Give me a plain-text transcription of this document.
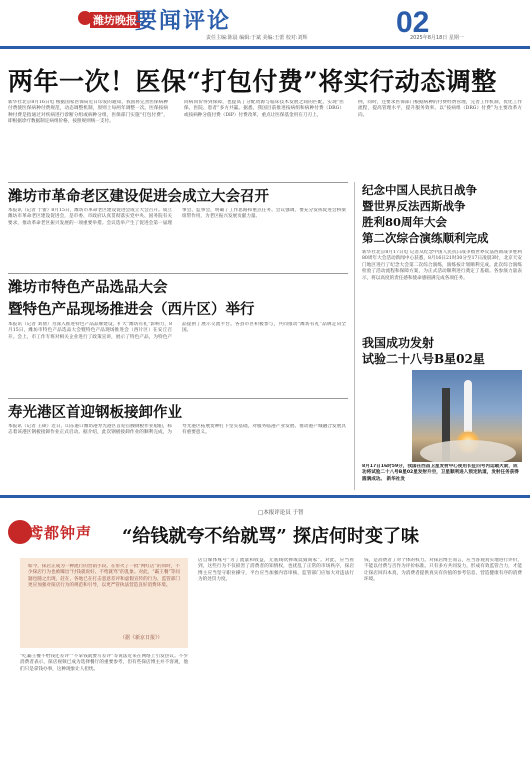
潍坊晚报
要闻评论	02
责任主编:陈晨 编辑:于斌 美编:王蕾 校对:刘辉	2025年8月18日 星期一
两年一次！医保“打包付费”将实行动态调整
新华社北京8月16日电 根据国家医保局近日印发的通知，我国将完善医保病种付费使医保病种付费规范，动态调整机制，原则上每两年调整一次。医保按病种付费是指通过对疾病进行诊断分组或病种分组，医保部门实施“打包付费”，即根据诊疗数据制定病组价格，按照规则统一支付。
同病同价得到保障，也提高了分配资源与临床技术发展之间的匹配，实现“医保、医院、患者”多方共赢。据悉，我国目前推进按病组和病种付费（DRG）或按病种分值付费（DIP）付费改革，重点让医保基金用在刀刃上。
例，同时，还要求医保部门根据病种的付费经费管理，完善工作机制，优化工作流程，提高管理水平，提升服务效率。以“按病组（DRG）付费”为主要改革方向。
潍坊市革命老区建设促进会成立大会召开
本报讯（记者 于蕾）8月15日，潍坊市革命老区建设促进会成立大会召开。成立潍坊市革命老区建设促进会，是市委、市政府认真贯彻落实党中央、国务院有关要求，推动革命老区振兴发展的一项重要举措。会议选举产生了促进会第一届理事会、监事会，明确了工作思路和重点任务。会议强调，要充分发挥促进会桥梁纽带作用，为老区振兴发展贡献力量。
潍坊市特色产品选品大会
暨特色产品现场推进会（西片区）举行
本报讯（记者 刘倩）为深入推进特色产品品牌建设，扩大“潍坊有礼”影响力，8月15日，潍坊市特色产品选品大会暨特色产品现场推进会（西片区）在安丘召开。会上，市工作专班对相关企业进行了政策宣讲，展示了特色产品，为特色产品提供了展示交流平台。各县市区积极参与，共同推动“潍坊有礼”品牌走向全国。
寿光港区首迎钢板接卸作业
本报讯（记者 王硕）近日，山东港口潍坊港寿光港区首迎首艘钢板作业船舶，标志着该港区钢板接卸作业正式启动。据介绍，此次钢板接卸作业的顺利完成，为寿光港区拓展货种打下坚实基础，对服务临港产业发展、推动港产城融合发展具有重要意义。
纪念中国人民抗日战争
暨世界反法西斯战争
胜利80周年大会
第二次综合演练顺利完成
新华社北京8月17日电 记者从纪念中国人民抗日战争暨世界反法西斯战争胜利80周年大会活动新闻中心获悉，8月16日21时30分至17日凌晨3时，北京天安门地区进行了纪念大会第二次综合演练，演练按计划顺利完成。此次综合演练检验了活动流程和保障方案，为正式活动顺利进行奠定了基础。各参演力量表示，将以高度的责任感和使命感圆满完成各项任务。
我国成功发射
试验二十八号B星02星
8月17日16时59分，我国在西昌卫星发射中心使用长征四号丙运载火箭，成功将试验二十八号B星02星发射升空，卫星顺利进入预定轨道，发射任务获得圆满成功。 新华社发
鸢都钟声
□本报评论员 于智
“给钱就夸不给就骂” 探店何时变了味
如今，探店正成为一种流行的营销手段。在带火了一批“网红店”的同时，不少探店行为也被曝出“付钱就说好、不给就骂”的乱象。对此，“霸王餐”等问题也随之出现，赶在，各地已在打击恶意差评和虚假宣传的行为，监管部门更应加强对探店行为的规范和引导，以更严管执法营造良好消费环境。
（据《新京日报》）
“吃霸王餐不给钱还差评”“不拿钱就要写差评”等说法近来在网络上引发热议。不少消费者表示，探店视频已成为选择餐厅的重要参考，但有些探店博主并不客观，他们只是拿钱办事，这种现象让人担忧。
店自媒体账号“为了流量和收益，无底线吹捧或诋毁商家”。对此，应当看到，这些行为不仅损害了消费者的知情权，也扰乱了正常的市场秩序，探店博主应当坚守职业操守，平台应当加强内容审核，监管部门应加大对违法行为的处罚力度。
钱，是消费者了对个体的权力。对探店博主而言，应当客观真实地进行评价，不能以付费与否作为评价标准。只有多方共同发力，形成有效监管合力，才能让探店回归本真，为消费者提供真实有价值的参考信息，营造健康有序的消费环境。
